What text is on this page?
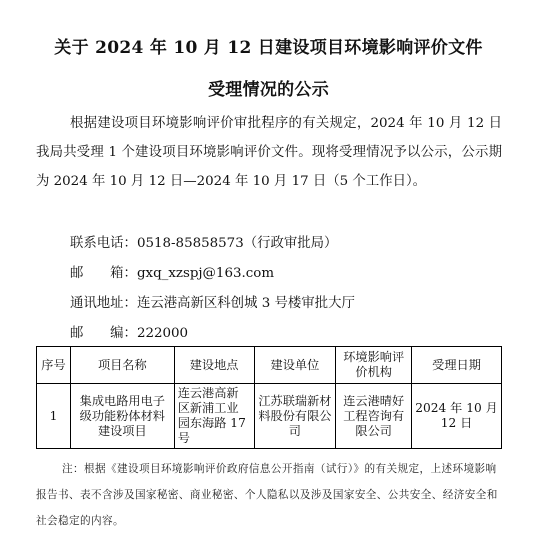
关于 2024 年 10 月 12 日建设项目环境影响评价文件
受理情况的公示
根据建设项目环境影响评价审批程序的有关规定，2024 年 10 月 12 日我局共受理 1 个建设项目环境影响评价文件。现将受理情况予以公示，公示期为 2024 年 10 月 12 日—2024 年 10 月 17 日（5 个工作日）。
联系电话：0518-85858573（行政审批局）
邮　　箱：gxq_xzspj@163.com
通讯地址：连云港高新区科创城 3 号楼审批大厅
邮　　编：222000
序号	项目名称	建设地点	建设单位	环境影响评价机构	受理日期
1	集成电路用电子级功能粉体材料建设项目	连云港高新区新浦工业园东海路 17 号	江苏联瑞新材料股份有限公司	连云港晴好工程咨询有限公司	2024 年 10 月 12 日
注：根据《建设项目环境影响评价政府信息公开指南（试行）》的有关规定，上述环境影响报告书、表不含涉及国家秘密、商业秘密、个人隐私以及涉及国家安全、公共安全、经济安全和社会稳定的内容。
